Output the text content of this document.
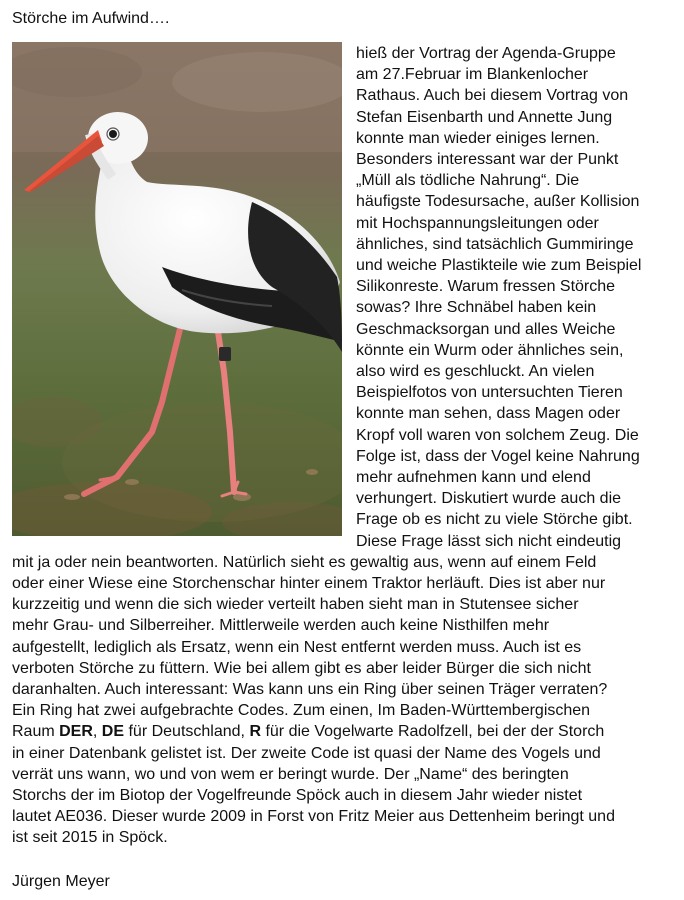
Störche im Aufwind….
hieß der Vortrag der Agenda-Gruppe
am 27.Februar im Blankenlocher
Rathaus. Auch bei diesem Vortrag von
Stefan Eisenbarth und Annette Jung
konnte man wieder einiges lernen.
Besonders interessant war der Punkt
„Müll als tödliche Nahrung“. Die
häufigste Todesursache, außer Kollision
mit Hochspannungsleitungen oder
ähnliches, sind tatsächlich Gummiringe
und weiche Plastikteile wie zum Beispiel
Silikonreste. Warum fressen Störche
sowas? Ihre Schnäbel haben kein
Geschmacksorgan und alles Weiche
könnte ein Wurm oder ähnliches sein,
also wird es geschluckt. An vielen
Beispielfotos von untersuchten Tieren
konnte man sehen, dass Magen oder
Kropf voll waren von solchem Zeug. Die
Folge ist, dass der Vogel keine Nahrung
mehr aufnehmen kann und elend
verhungert. Diskutiert wurde auch die
Frage ob es nicht zu viele Störche gibt.
Diese Frage lässt sich nicht eindeutig
mit ja oder nein beantworten. Natürlich sieht es gewaltig aus, wenn auf einem Feld
oder einer Wiese eine Storchenschar hinter einem Traktor herläuft. Dies ist aber nur
kurzzeitig und wenn die sich wieder verteilt haben sieht man in Stutensee sicher
mehr Grau- und Silberreiher. Mittlerweile werden auch keine Nisthilfen mehr
aufgestellt, lediglich als Ersatz, wenn ein Nest entfernt werden muss. Auch ist es
verboten Störche zu füttern. Wie bei allem gibt es aber leider Bürger die sich nicht
daranhalten. Auch interessant: Was kann uns ein Ring über seinen Träger verraten?
Ein Ring hat zwei aufgebrachte Codes. Zum einen, Im Baden-Württembergischen
Raum DER, DE für Deutschland, R für die Vogelwarte Radolfzell, bei der der Storch
in einer Datenbank gelistet ist. Der zweite Code ist quasi der Name des Vogels und
verrät uns wann, wo und von wem er beringt wurde. Der „Name“ des beringten
Storchs der im Biotop der Vogelfreunde Spöck auch in diesem Jahr wieder nistet
lautet AE036. Dieser wurde 2009 in Forst von Fritz Meier aus Dettenheim beringt und
ist seit 2015 in Spöck.
Jürgen Meyer
